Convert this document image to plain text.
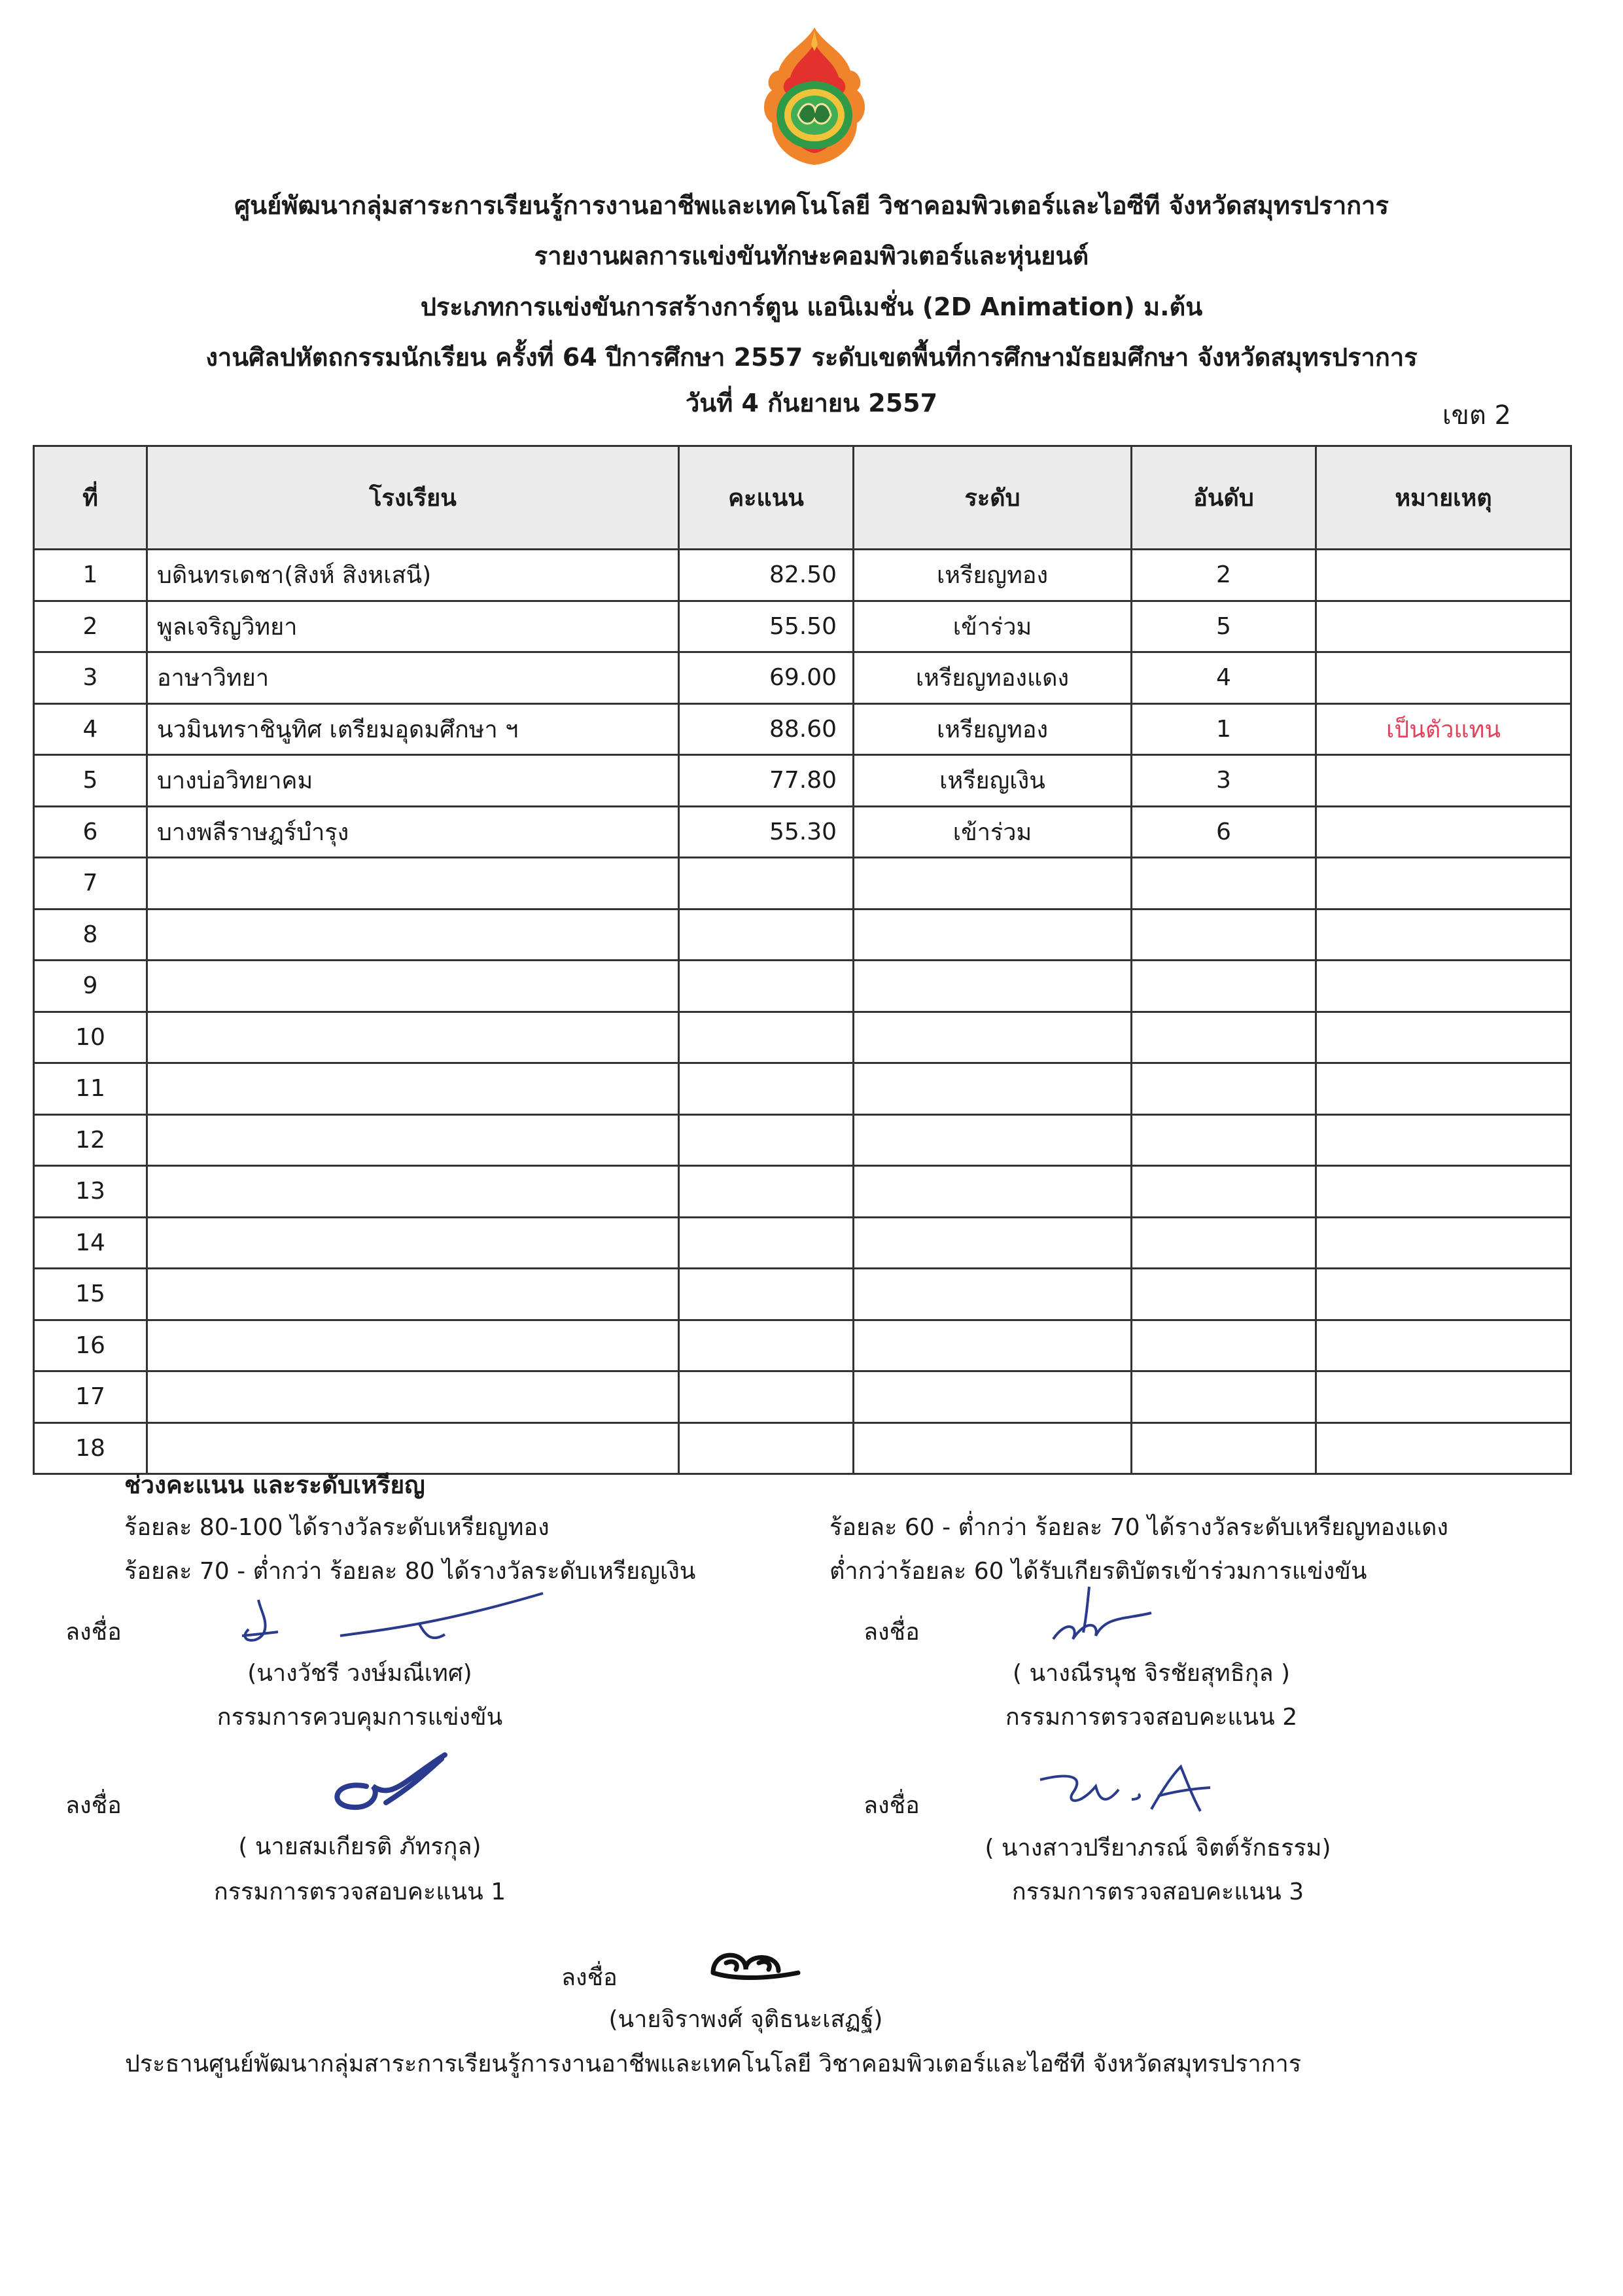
ศูนย์พัฒนากลุ่มสาระการเรียนรู้การงานอาชีพและเทคโนโลยี วิชาคอมพิวเตอร์และไอซีที จังหวัดสมุทรปราการ
รายงานผลการแข่งขันทักษะคอมพิวเตอร์และหุ่นยนต์
ประเภทการแข่งขันการสร้างการ์ตูน แอนิเมชั่น (2D Animation) ม.ต้น
งานศิลปหัตถกรรมนักเรียน ครั้งที่ 64 ปีการศึกษา 2557 ระดับเขตพื้นที่การศึกษามัธยมศึกษา จังหวัดสมุทรปราการ
วันที่ 4 กันยายน 2557	เขต 2
ที่	โรงเรียน	คะแนน	ระดับ	อันดับ	หมายเหตุ
1	บดินทรเดชา(สิงห์ สิงหเสนี)	82.50	เหรียญทอง	2	
2	พูลเจริญวิทยา	55.50	เข้าร่วม	5	
3	อาษาวิทยา	69.00	เหรียญทองแดง	4	
4	นวมินทราชินูทิศ เตรียมอุดมศึกษา ฯ	88.60	เหรียญทอง	1	เป็นตัวแทน
5	บางบ่อวิทยาคม	77.80	เหรียญเงิน	3	
6	บางพลีราษฎร์บำรุง	55.30	เข้าร่วม	6	
7					
8					
9					
10					
11					
12					
13					
14					
15					
16					
17					
18					
ช่วงคะแนน และระดับเหรียญ
ร้อยละ 80-100 ได้รางวัลระดับเหรียญทอง
ร้อยละ 70 - ต่ำกว่า ร้อยละ 80 ได้รางวัลระดับเหรียญเงิน
ร้อยละ 60 - ต่ำกว่า ร้อยละ 70 ได้รางวัลระดับเหรียญทองแดง
ต่ำกว่าร้อยละ 60 ได้รับเกียรติบัตรเข้าร่วมการแข่งขัน
ลงชื่อ
(นางวัชรี วงษ์มณีเทศ)
กรรมการควบคุมการแข่งขัน
ลงชื่อ
( นางณีรนุช จิรชัยสุทธิกุล )
กรรมการตรวจสอบคะแนน 2
ลงชื่อ
( นายสมเกียรติ ภัทรกุล)
กรรมการตรวจสอบคะแนน 1
ลงชื่อ
( นางสาวปรียาภรณ์ จิตต์รักธรรม)
กรรมการตรวจสอบคะแนน 3
ลงชื่อ
(นายจิราพงศ์ จุติธนะเสฏฐ์)
ประธานศูนย์พัฒนากลุ่มสาระการเรียนรู้การงานอาชีพและเทคโนโลยี วิชาคอมพิวเตอร์และไอซีที จังหวัดสมุทรปราการ
